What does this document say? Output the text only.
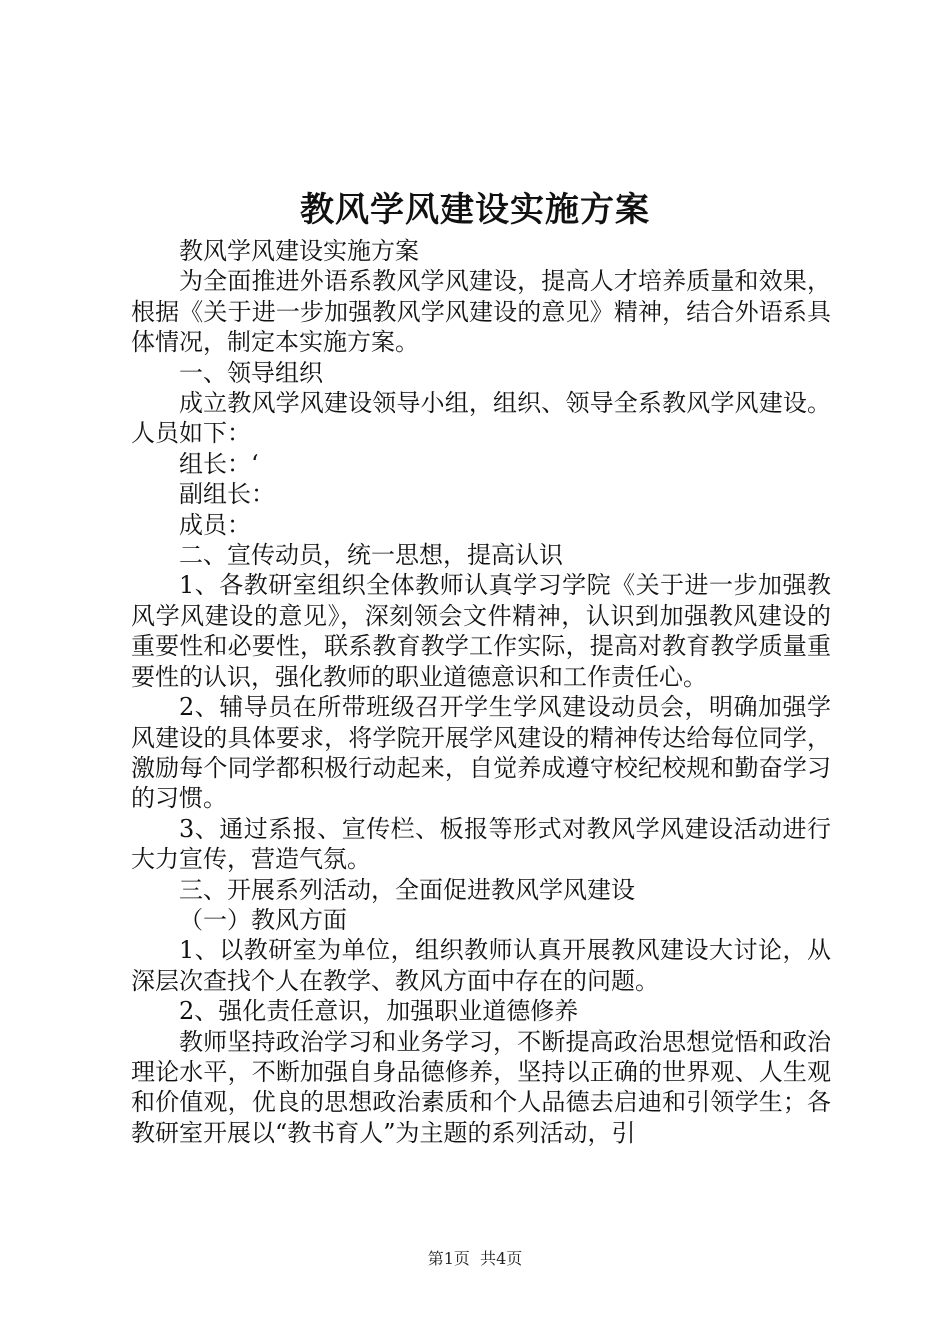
教风学风建设实施方案

教风学风建设实施方案

为全面推进外语系教风学风建设，提高人才培养质量和效果，根据《关于进一步加强教风学风建设的意见》精神，结合外语系具体情况，制定本实施方案。

一、领导组织

成立教风学风建设领导小组，组织、领导全系教风学风建设。人员如下：

组长：‘

副组长：

成员：

二、宣传动员，统一思想，提高认识

1、各教研室组织全体教师认真学习学院《关于进一步加强教风学风建设的意见》，深刻领会文件精神，认识到加强教风建设的重要性和必要性，联系教育教学工作实际，提高对教育教学质量重要性的认识，强化教师的职业道德意识和工作责任心。

2、辅导员在所带班级召开学生学风建设动员会，明确加强学风建设的具体要求，将学院开展学风建设的精神传达给每位同学，激励每个同学都积极行动起来，自觉养成遵守校纪校规和勤奋学习的习惯。

3、通过系报、宣传栏、板报等形式对教风学风建设活动进行大力宣传，营造气氛。

三、开展系列活动，全面促进教风学风建设

（一）教风方面

1、以教研室为单位，组织教师认真开展教风建设大讨论，从深层次查找个人在教学、教风方面中存在的问题。

2、强化责任意识，加强职业道德修养

教师坚持政治学习和业务学习，不断提高政治思想觉悟和政治理论水平，不断加强自身品德修养，坚持以正确的世界观、人生观和价值观，优良的思想政治素质和个人品德去启迪和引领学生；各教研室开展以“教书育人”为主题的系列活动，引

第1页 共4页
